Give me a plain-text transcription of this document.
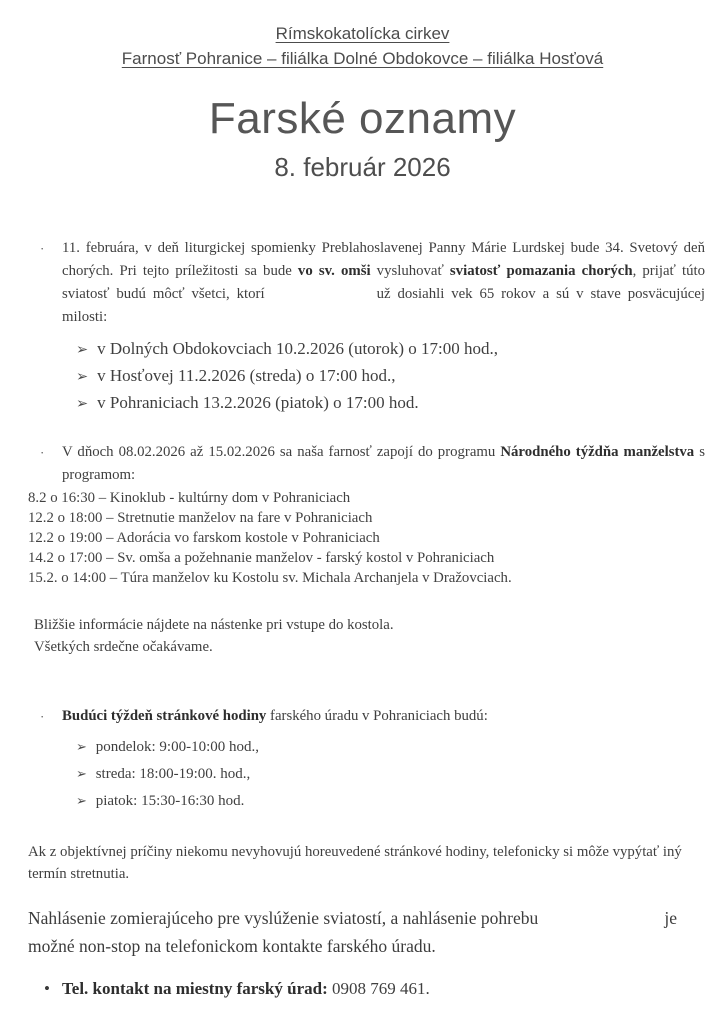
Rímskokatolícka cirkev
Farnosť Pohranice – filiálka Dolné Obdokovce – filiálka Hosťová
Farské oznamy
8. február 2026
·	11. februára, v deň liturgickej spomienky Preblahoslavenej Panny Márie Lurdskej bude 34. Svetový deň chorých. Pri tejto príležitosti sa bude vo sv. omši vysluhovať sviatosť pomazania chorých, prijať túto sviatosť budú môcť všetci, ktorí	už dosiahli vek 65 rokov a sú v stave posväcujúcej milosti:
➢ v Dolných Obdokovciach 10.2.2026 (utorok) o 17:00 hod.,
➢ v Hosťovej 11.2.2026 (streda) o 17:00 hod.,
➢ v Pohraniciach 13.2.2026 (piatok) o 17:00 hod.
·	V dňoch 08.02.2026 až 15.02.2026 sa naša farnosť zapojí do programu Národného týždňa manželstva s programom:
8.2 o 16:30 – Kinoklub - kultúrny dom v Pohraniciach
12.2 o 18:00 – Stretnutie manželov na fare v Pohraniciach
12.2 o 19:00 – Adorácia vo farskom kostole v Pohraniciach
14.2 o 17:00 – Sv. omša a požehnanie manželov - farský kostol v Pohraniciach
15.2. o 14:00 – Túra manželov ku Kostolu sv. Michala Archanjela v Dražovciach.
Bližšie informácie nájdete na nástenke pri vstupe do kostola.
Všetkých srdečne očakávame.
·	Budúci týždeň stránkové hodiny farského úradu v Pohraniciach budú:
➢ pondelok: 9:00-10:00 hod.,
➢ streda: 18:00-19:00. hod.,
➢ piatok: 15:30-16:30 hod.
Ak z objektívnej príčiny niekomu nevyhovujú horeuvedené stránkové hodiny, telefonicky si môže vypýtať iný termín stretnutia.
Nahlásenie zomierajúceho pre vyslúženie sviatostí, a nahlásenie pohrebu	je
možné non-stop na telefonickom kontakte farského úradu.
• Tel. kontakt na miestny farský úrad: 0908 769 461.
